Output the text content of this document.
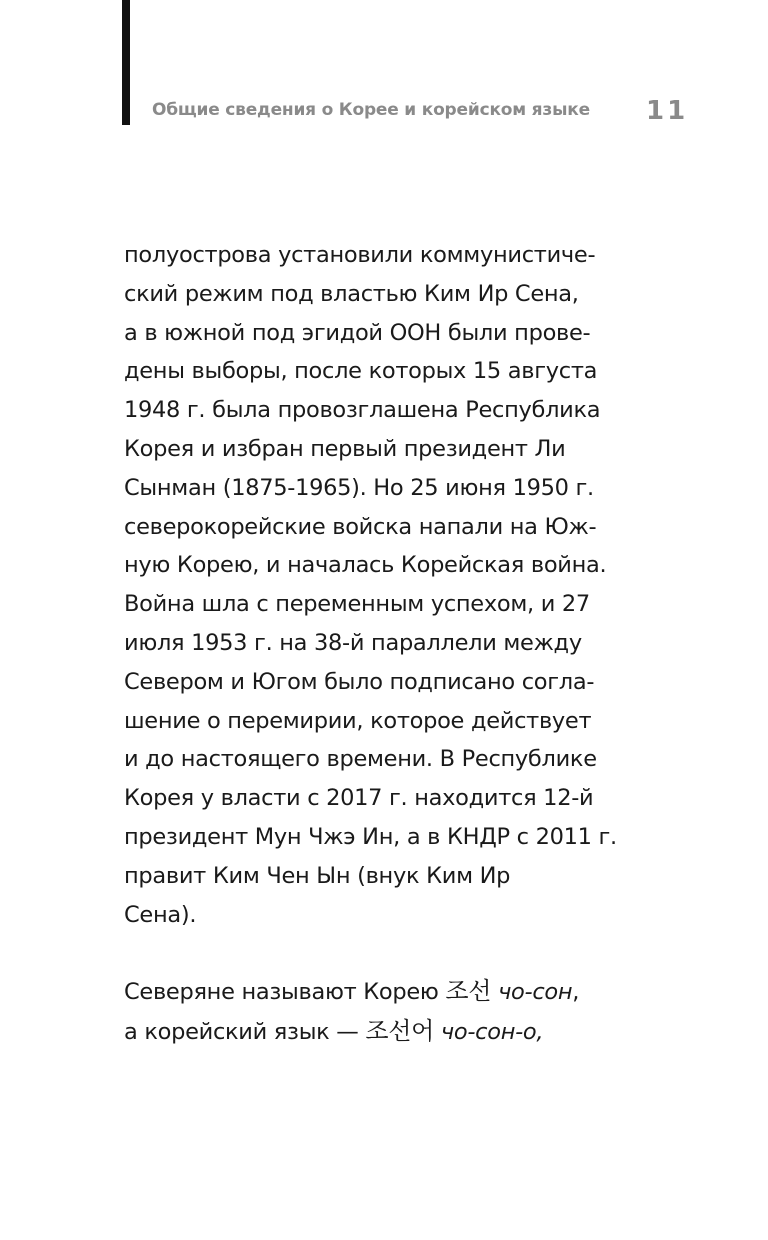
Общие сведения о Корее и корейском языке 11
полуострова установили коммунистиче-
ский режим под властью Ким Ир Сена,
а в южной под эгидой ООН были прове-
дены выборы, после которых 15 августа
1948 г. была провозглашена Республика
Корея и избран первый президент Ли
Сынман (1875-1965). Но 25 июня 1950 г.
северокорейские войска напали на Юж-
ную Корею, и началась Корейская война.
Война шла с переменным успехом, и 27
июля 1953 г. на 38-й параллели между
Севером и Югом было подписано согла-
шение о перемирии, которое действует
и до настоящего времени. В Республике
Корея у власти с 2017 г. находится 12-й
президент Мун Чжэ Ин, а в КНДР с 2011 г.
правит Ким Чен Ын (внук Ким Ир
Сена).
Северяне называют Корею 조선 чо-сон,
а корейский язык — 조선어 чо-сон-о,
